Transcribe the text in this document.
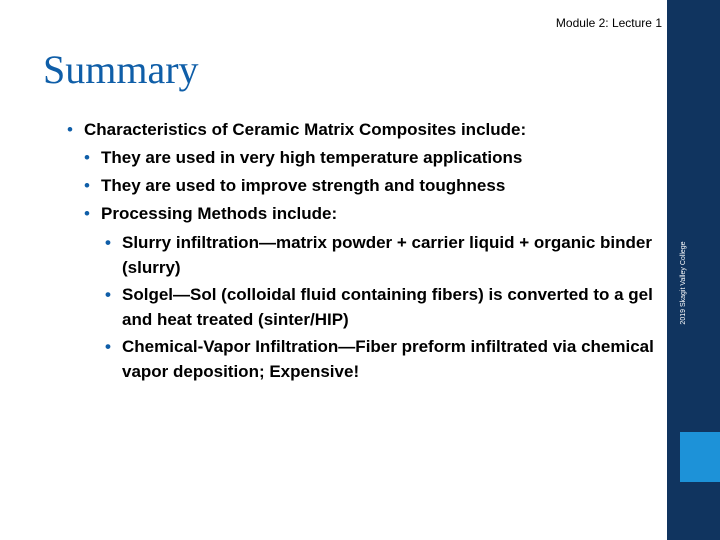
Module 2: Lecture 1
Summary
• Characteristics of Ceramic Matrix Composites include:
• They are used in very high temperature applications
• They are used to improve strength and toughness
• Processing Methods include:
• Slurry infiltration—matrix powder + carrier liquid + organic binder (slurry)
• Solgel—Sol (colloidal fluid containing fibers) is converted to a gel and heat treated (sinter/HIP)
• Chemical-Vapor Infiltration—Fiber preform infiltrated via chemical vapor deposition; Expensive!
2019 Skagit Valley College
